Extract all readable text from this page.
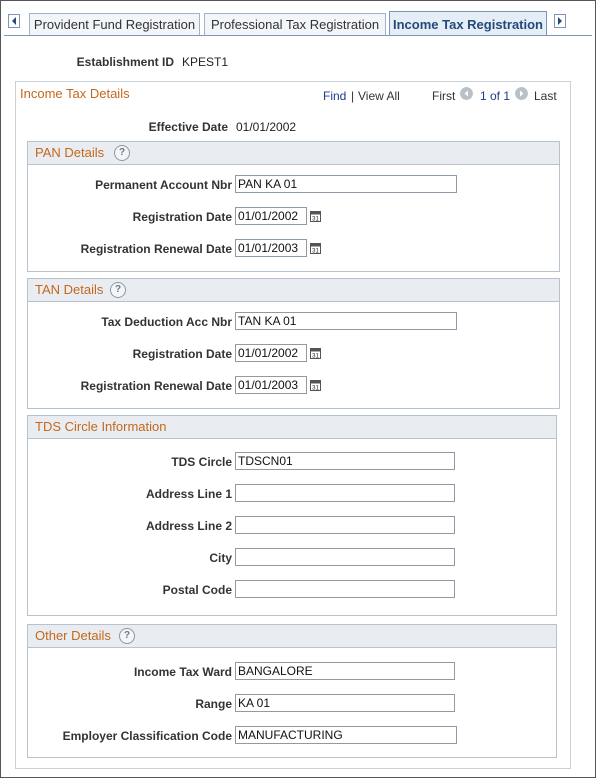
Provident Fund Registration	Professional Tax Registration	Income Tax Registration
Establishment ID KPEST1
Income Tax Details	Find | View All	First 1 of 1 Last
Effective Date 01/01/2002
PAN Details	?
Permanent Account Nbr PAN KA 01
Registration Date 01/01/2002	31
Registration Renewal Date 01/01/2003	31
TAN Details	?
Tax Deduction Acc Nbr TAN KA 01
Registration Date 01/01/2002	31
Registration Renewal Date 01/01/2003	31
TDS Circle Information
TDS Circle TDSCN01
Address Line 1
Address Line 2
City
Postal Code
Other Details	?
Income Tax Ward BANGALORE
Range KA 01
Employer Classification Code MANUFACTURING
